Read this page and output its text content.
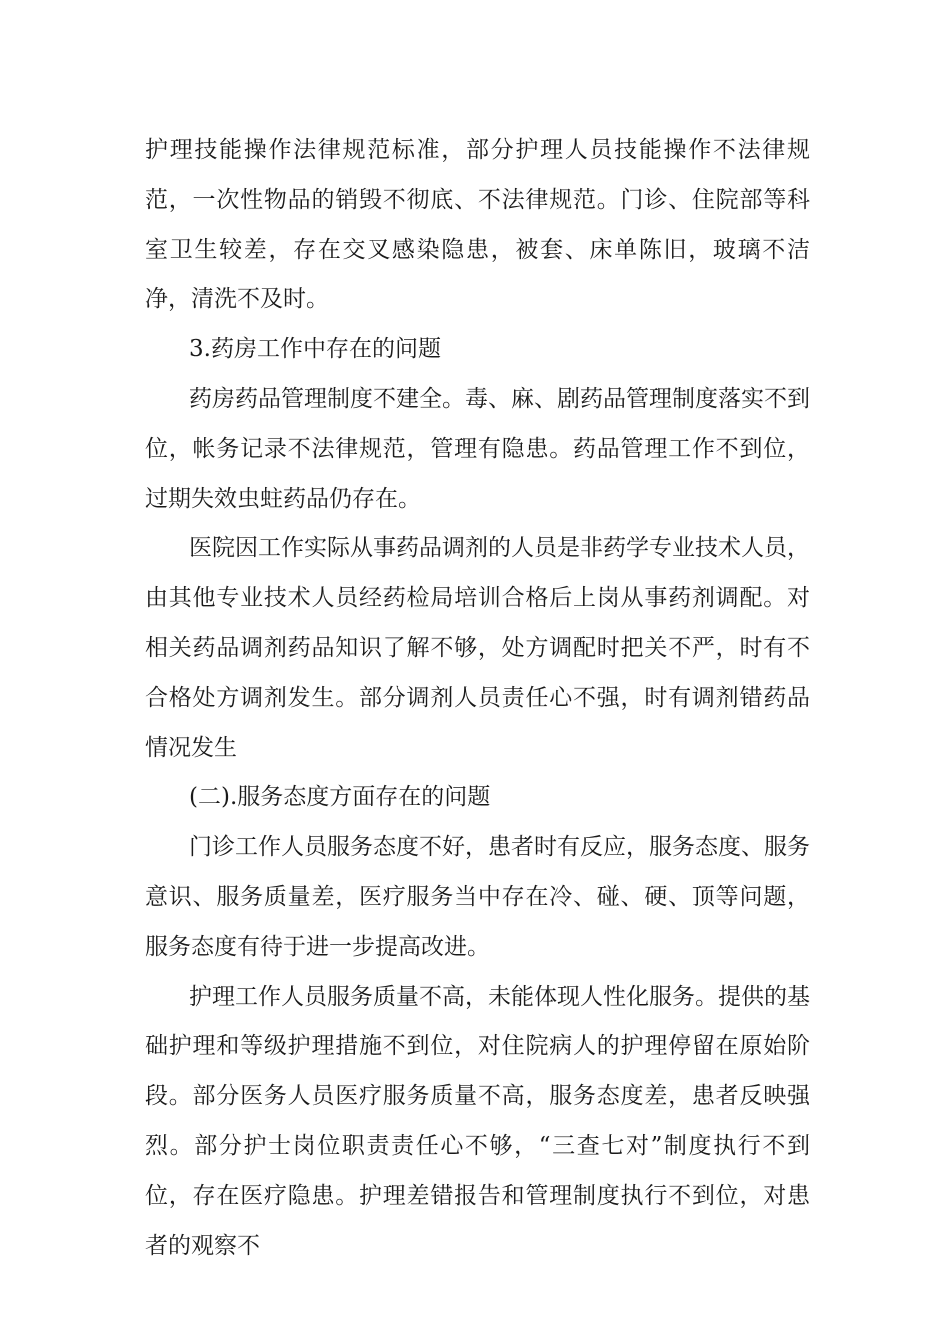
护理技能操作法律规范标准，部分护理人员技能操作不法律规范，一次性物品的销毁不彻底、不法律规范。门诊、住院部等科室卫生较差，存在交叉感染隐患，被套、床单陈旧，玻璃不洁净，清洗不及时。

3.药房工作中存在的问题

药房药品管理制度不建全。毒、麻、剧药品管理制度落实不到位，帐务记录不法律规范，管理有隐患。药品管理工作不到位，过期失效虫蛀药品仍存在。

医院因工作实际从事药品调剂的人员是非药学专业技术人员，由其他专业技术人员经药检局培训合格后上岗从事药剂调配。对相关药品调剂药品知识了解不够，处方调配时把关不严，时有不合格处方调剂发生。部分调剂人员责任心不强，时有调剂错药品情况发生

(二).服务态度方面存在的问题

门诊工作人员服务态度不好，患者时有反应，服务态度、服务意识、服务质量差，医疗服务当中存在冷、碰、硬、顶等问题，服务态度有待于进一步提高改进。

护理工作人员服务质量不高，未能体现人性化服务。提供的基础护理和等级护理措施不到位，对住院病人的护理停留在原始阶段。部分医务人员医疗服务质量不高，服务态度差，患者反映强烈。部分护士岗位职责责任心不够，“三查七对”制度执行不到位，存在医疗隐患。护理差错报告和管理制度执行不到位，对患者的观察不
